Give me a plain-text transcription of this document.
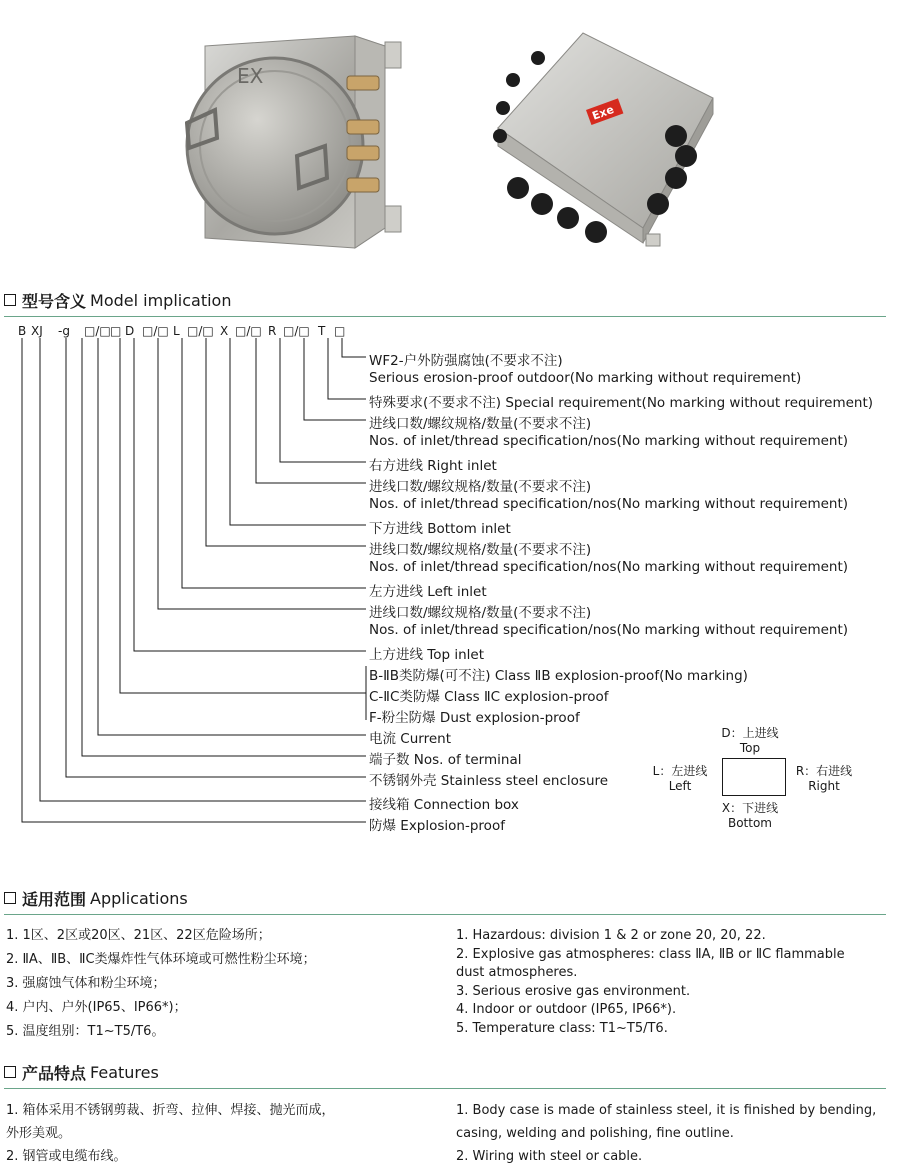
EX
Exe
型号含义 Model implication
B XJ -g □/□ □ D □/□ L □/□ X □/□ R □/□ T □
WF2-户外防强腐蚀(不要求不注)
Serious erosion-proof outdoor(No marking without requirement)
特殊要求(不要求不注) Special requirement(No marking without requirement)
进线口数/螺纹规格/数量(不要求不注)
Nos. of inlet/thread specification/nos(No marking without requirement)
右方进线 Right inlet
进线口数/螺纹规格/数量(不要求不注)
Nos. of inlet/thread specification/nos(No marking without requirement)
下方进线 Bottom inlet
进线口数/螺纹规格/数量(不要求不注)
Nos. of inlet/thread specification/nos(No marking without requirement)
左方进线 Left inlet
进线口数/螺纹规格/数量(不要求不注)
Nos. of inlet/thread specification/nos(No marking without requirement)
上方进线 Top inlet
B-ⅡB类防爆(可不注) Class ⅡB explosion-proof(No marking)
C-ⅡC类防爆 Class ⅡC explosion-proof
F-粉尘防爆 Dust explosion-proof
电流 Current
端子数 Nos. of terminal
不锈钢外壳 Stainless steel enclosure
接线箱 Connection box
防爆 Explosion-proof
D：上进线
Top
L：左进线
Left
R：右进线
Right
X：下进线
Bottom
适用范围 Applications
1. 1区、2区或20区、21区、22区危险场所；
2. ⅡA、ⅡB、ⅡC类爆炸性气体环境或可燃性粉尘环境；
3. 强腐蚀气体和粉尘环境；
4. 户内、户外(IP65、IP66*)；
5. 温度组别：T1~T5/T6。
1. Hazardous: division 1 & 2 or zone 20, 20, 22.
2. Explosive gas atmospheres: class ⅡA, ⅡB or ⅡC flammable
dust atmospheres.
3. Serious erosive gas environment.
4. Indoor or outdoor (IP65, IP66*).
5. Temperature class: T1~T5/T6.
产品特点 Features
1. 箱体采用不锈钢剪裁、折弯、拉伸、焊接、抛光而成，
外形美观。
2. 钢管或电缆布线。
1. Body case is made of stainless steel, it is finished by bending,
casing, welding and polishing, fine outline.
2. Wiring with steel or cable.
